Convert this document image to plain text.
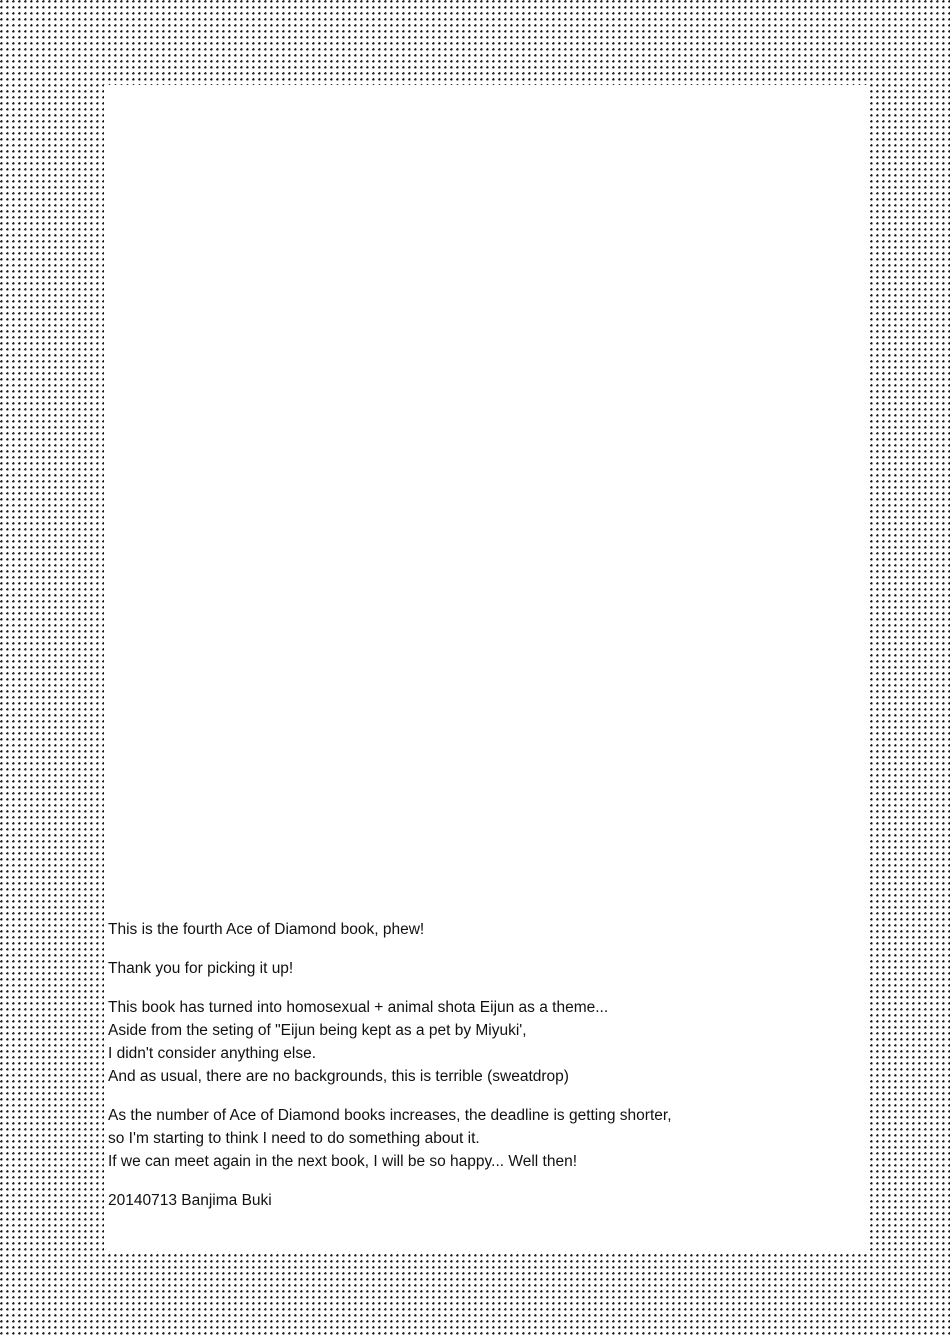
This is the fourth Ace of Diamond book, phew!
Thank you for picking it up!
This book has turned into homosexual + animal shota Eijun as a theme...
Aside from the seting of "Eijun being kept as a pet by Miyuki',
I didn't consider anything else.
And as usual, there are no backgrounds, this is terrible (sweatdrop)
As the number of Ace of Diamond books increases, the deadline is getting shorter,
so I'm starting to think I need to do something about it.
If we can meet again in the next book, I will be so happy... Well then!
20140713 Banjima Buki
